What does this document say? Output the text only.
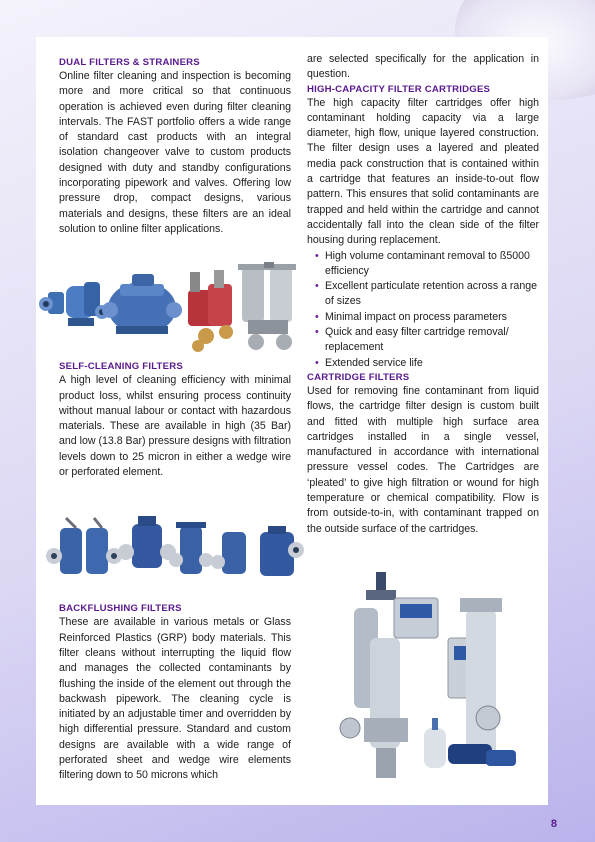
DUAL FILTERS & STRAINERS

Online filter cleaning and inspection is becoming more and more critical so that continuous operation is achieved even during filter cleaning intervals. The FAST portfolio offers a wide range of standard cast products with an integral isolation changeover valve to custom products designed with duty and standby configurations incorporating pipework and valves. Offering low pressure drop, compact designs, various materials and designs, these filters are an ideal solution to online filter applications.

SELF-CLEANING FILTERS

A high level of cleaning efficiency with minimal product loss, whilst ensuring process continuity without manual labour or contact with hazardous materials. These are available in high (35 Bar) and low (13.8 Bar) pressure designs with filtration levels down to 25 micron in either a wedge wire or perforated element.

BACKFLUSHING FILTERS

These are available in various metals or Glass Reinforced Plastics (GRP) body materials. This filter cleans without interrupting the liquid flow and manages the collected contaminants by flushing the inside of the element out through the backwash pipework. The cleaning cycle is initiated by an adjustable timer and overridden by high differential pressure. Standard and custom designs are available with a wide range of perforated sheet and wedge wire elements filtering down to 50 microns which

are selected specifically for the application in question.

HIGH-CAPACITY FILTER CARTRIDGES

The high capacity filter cartridges offer high contaminant holding capacity via a large diameter, high flow, unique layered construction. The filter design uses a layered and pleated media pack construction that is contained within a cartridge that features an inside-to-out flow pattern. This ensures that solid contaminants are trapped and held within the cartridge and cannot accidentally fall into the clean side of the filter housing during replacement.

• High volume contaminant removal to ß5000 efficiency
• Excellent particulate retention across a range of sizes
• Minimal impact on process parameters
• Quick and easy filter cartridge removal/ replacement
• Extended service life
CARTRIDGE FILTERS

Used for removing fine contaminant from liquid flows, the cartridge filter design is custom built and fitted with multiple high surface area cartridges installed in a single vessel, manufactured in accordance with international pressure vessel codes. The Cartridges are ‘pleated’ to give high filtration or wound for high temperature or chemical compatibility. Flow is from outside-to-in, with contaminant trapped on the outside surface of the cartridges.

8
